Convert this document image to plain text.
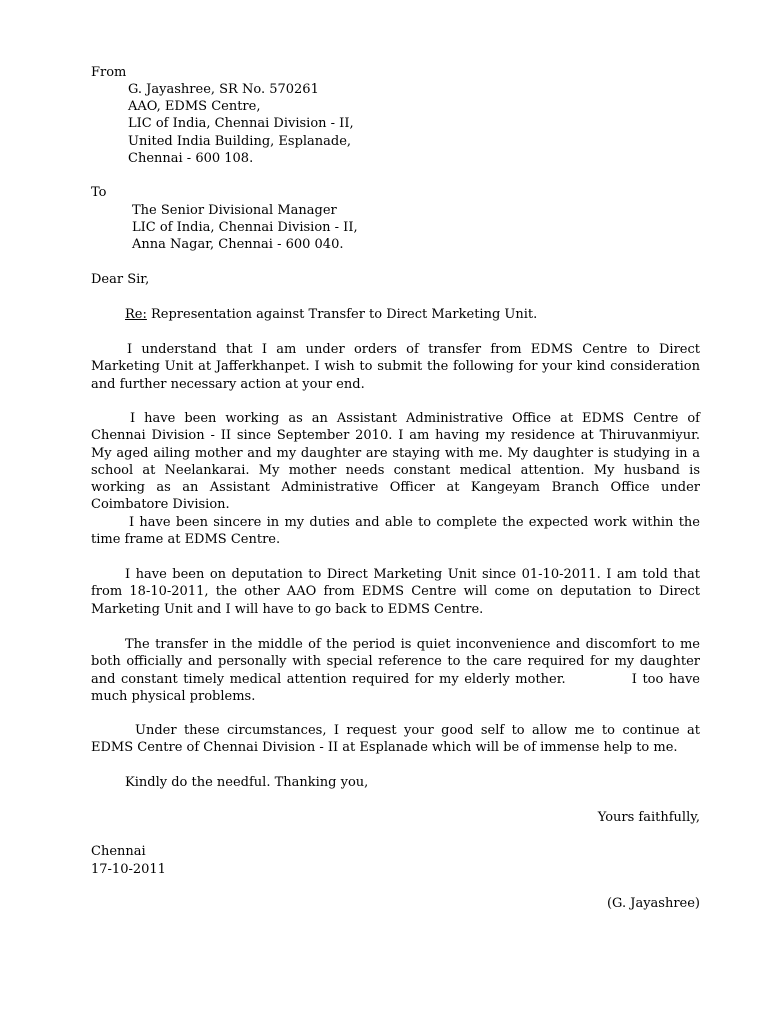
From
G. Jayashree, SR No. 570261
AAO, EDMS Centre,
LIC of India, Chennai Division - II,
United India Building, Esplanade,
Chennai - 600 108.
To
The Senior Divisional Manager
LIC of India, Chennai Division - II,
Anna Nagar, Chennai - 600 040.
Dear Sir,
Re: Representation against Transfer to Direct Marketing Unit.
I understand that I am under orders of transfer from EDMS Centre to Direct Marketing Unit at Jafferkhanpet. I wish to submit the following for your kind consideration and further necessary action at your end.
I have been working as an Assistant Administrative Office at EDMS Centre of Chennai Division - II since September 2010. I am having my residence at Thiruvanmiyur. My aged ailing mother and my daughter are staying with me. My daughter is studying in a school at Neelankarai. My mother needs constant medical attention. My husband is working as an Assistant Administrative Officer at Kangeyam Branch Office under Coimbatore Division.
I have been sincere in my duties and able to complete the expected work within the time frame at EDMS Centre.
I have been on deputation to Direct Marketing Unit since 01-10-2011. I am told that from 18-10-2011, the other AAO from EDMS Centre will come on deputation to Direct Marketing Unit and I will have to go back to EDMS Centre.
The transfer in the middle of the period is quiet inconvenience and discomfort to me both officially and personally with special reference to the care required for my daughter and constant timely medical attention required for my elderly mother.            I too have much physical problems.
Under these circumstances, I request your good self to allow me to continue at EDMS Centre of Chennai Division - II at Esplanade which will be of immense help to me.
Kindly do the needful. Thanking you,
Yours faithfully,
Chennai
17-10-2011
(G. Jayashree)
